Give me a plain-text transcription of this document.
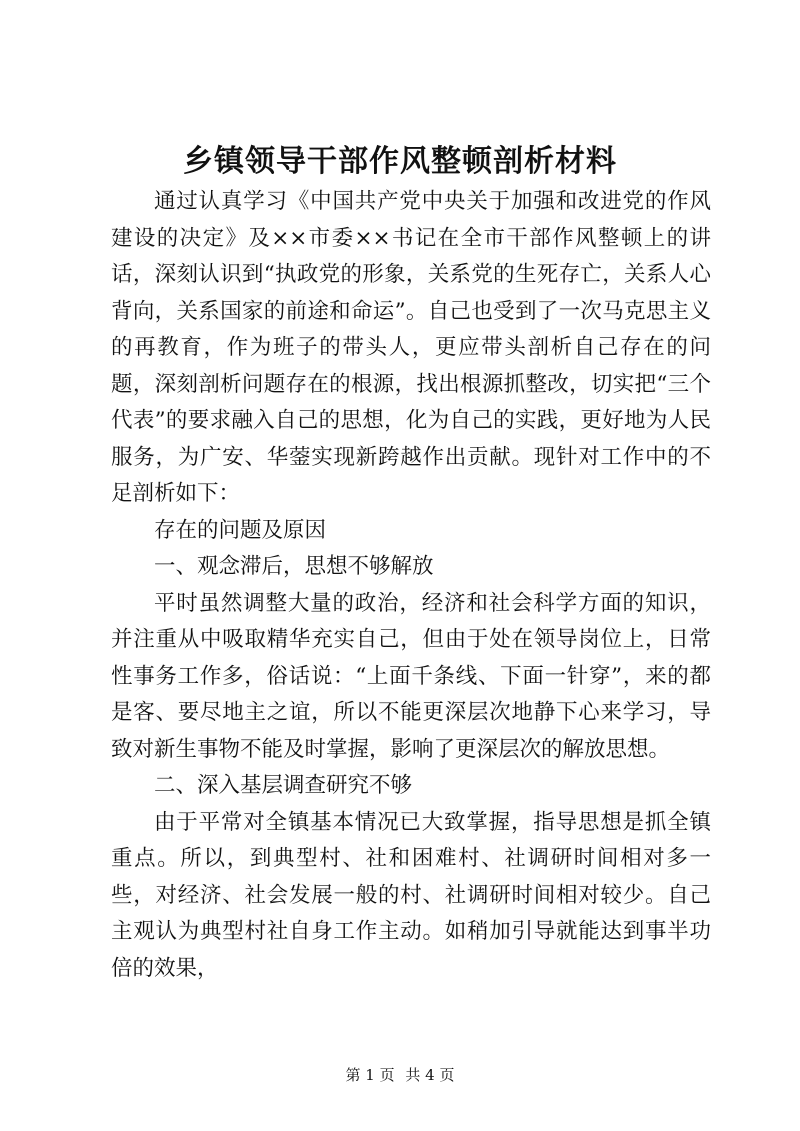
乡镇领导干部作风整顿剖析材料

通过认真学习《中国共产党中央关于加强和改进党的作风建设的决定》及××市委××书记在全市干部作风整顿上的讲话，深刻认识到“执政党的形象，关系党的生死存亡，关系人心背向，关系国家的前途和命运”。自己也受到了一次马克思主义的再教育，作为班子的带头人，更应带头剖析自己存在的问题，深刻剖析问题存在的根源，找出根源抓整改，切实把“三个代表”的要求融入自己的思想，化为自己的实践，更好地为人民服务，为广安、华蓥实现新跨越作出贡献。现针对工作中的不足剖析如下：

存在的问题及原因

一、观念滞后，思想不够解放

平时虽然调整大量的政治，经济和社会科学方面的知识，并注重从中吸取精华充实自己，但由于处在领导岗位上，日常性事务工作多，俗话说：“上面千条线、下面一针穿”，来的都是客、要尽地主之谊，所以不能更深层次地静下心来学习，导致对新生事物不能及时掌握，影响了更深层次的解放思想。

二、深入基层调查研究不够

由于平常对全镇基本情况已大致掌握，指导思想是抓全镇重点。所以，到典型村、社和困难村、社调研时间相对多一些，对经济、社会发展一般的村、社调研时间相对较少。自己主观认为典型村社自身工作主动。如稍加引导就能达到事半功倍的效果，

第 1 页 共 4 页
